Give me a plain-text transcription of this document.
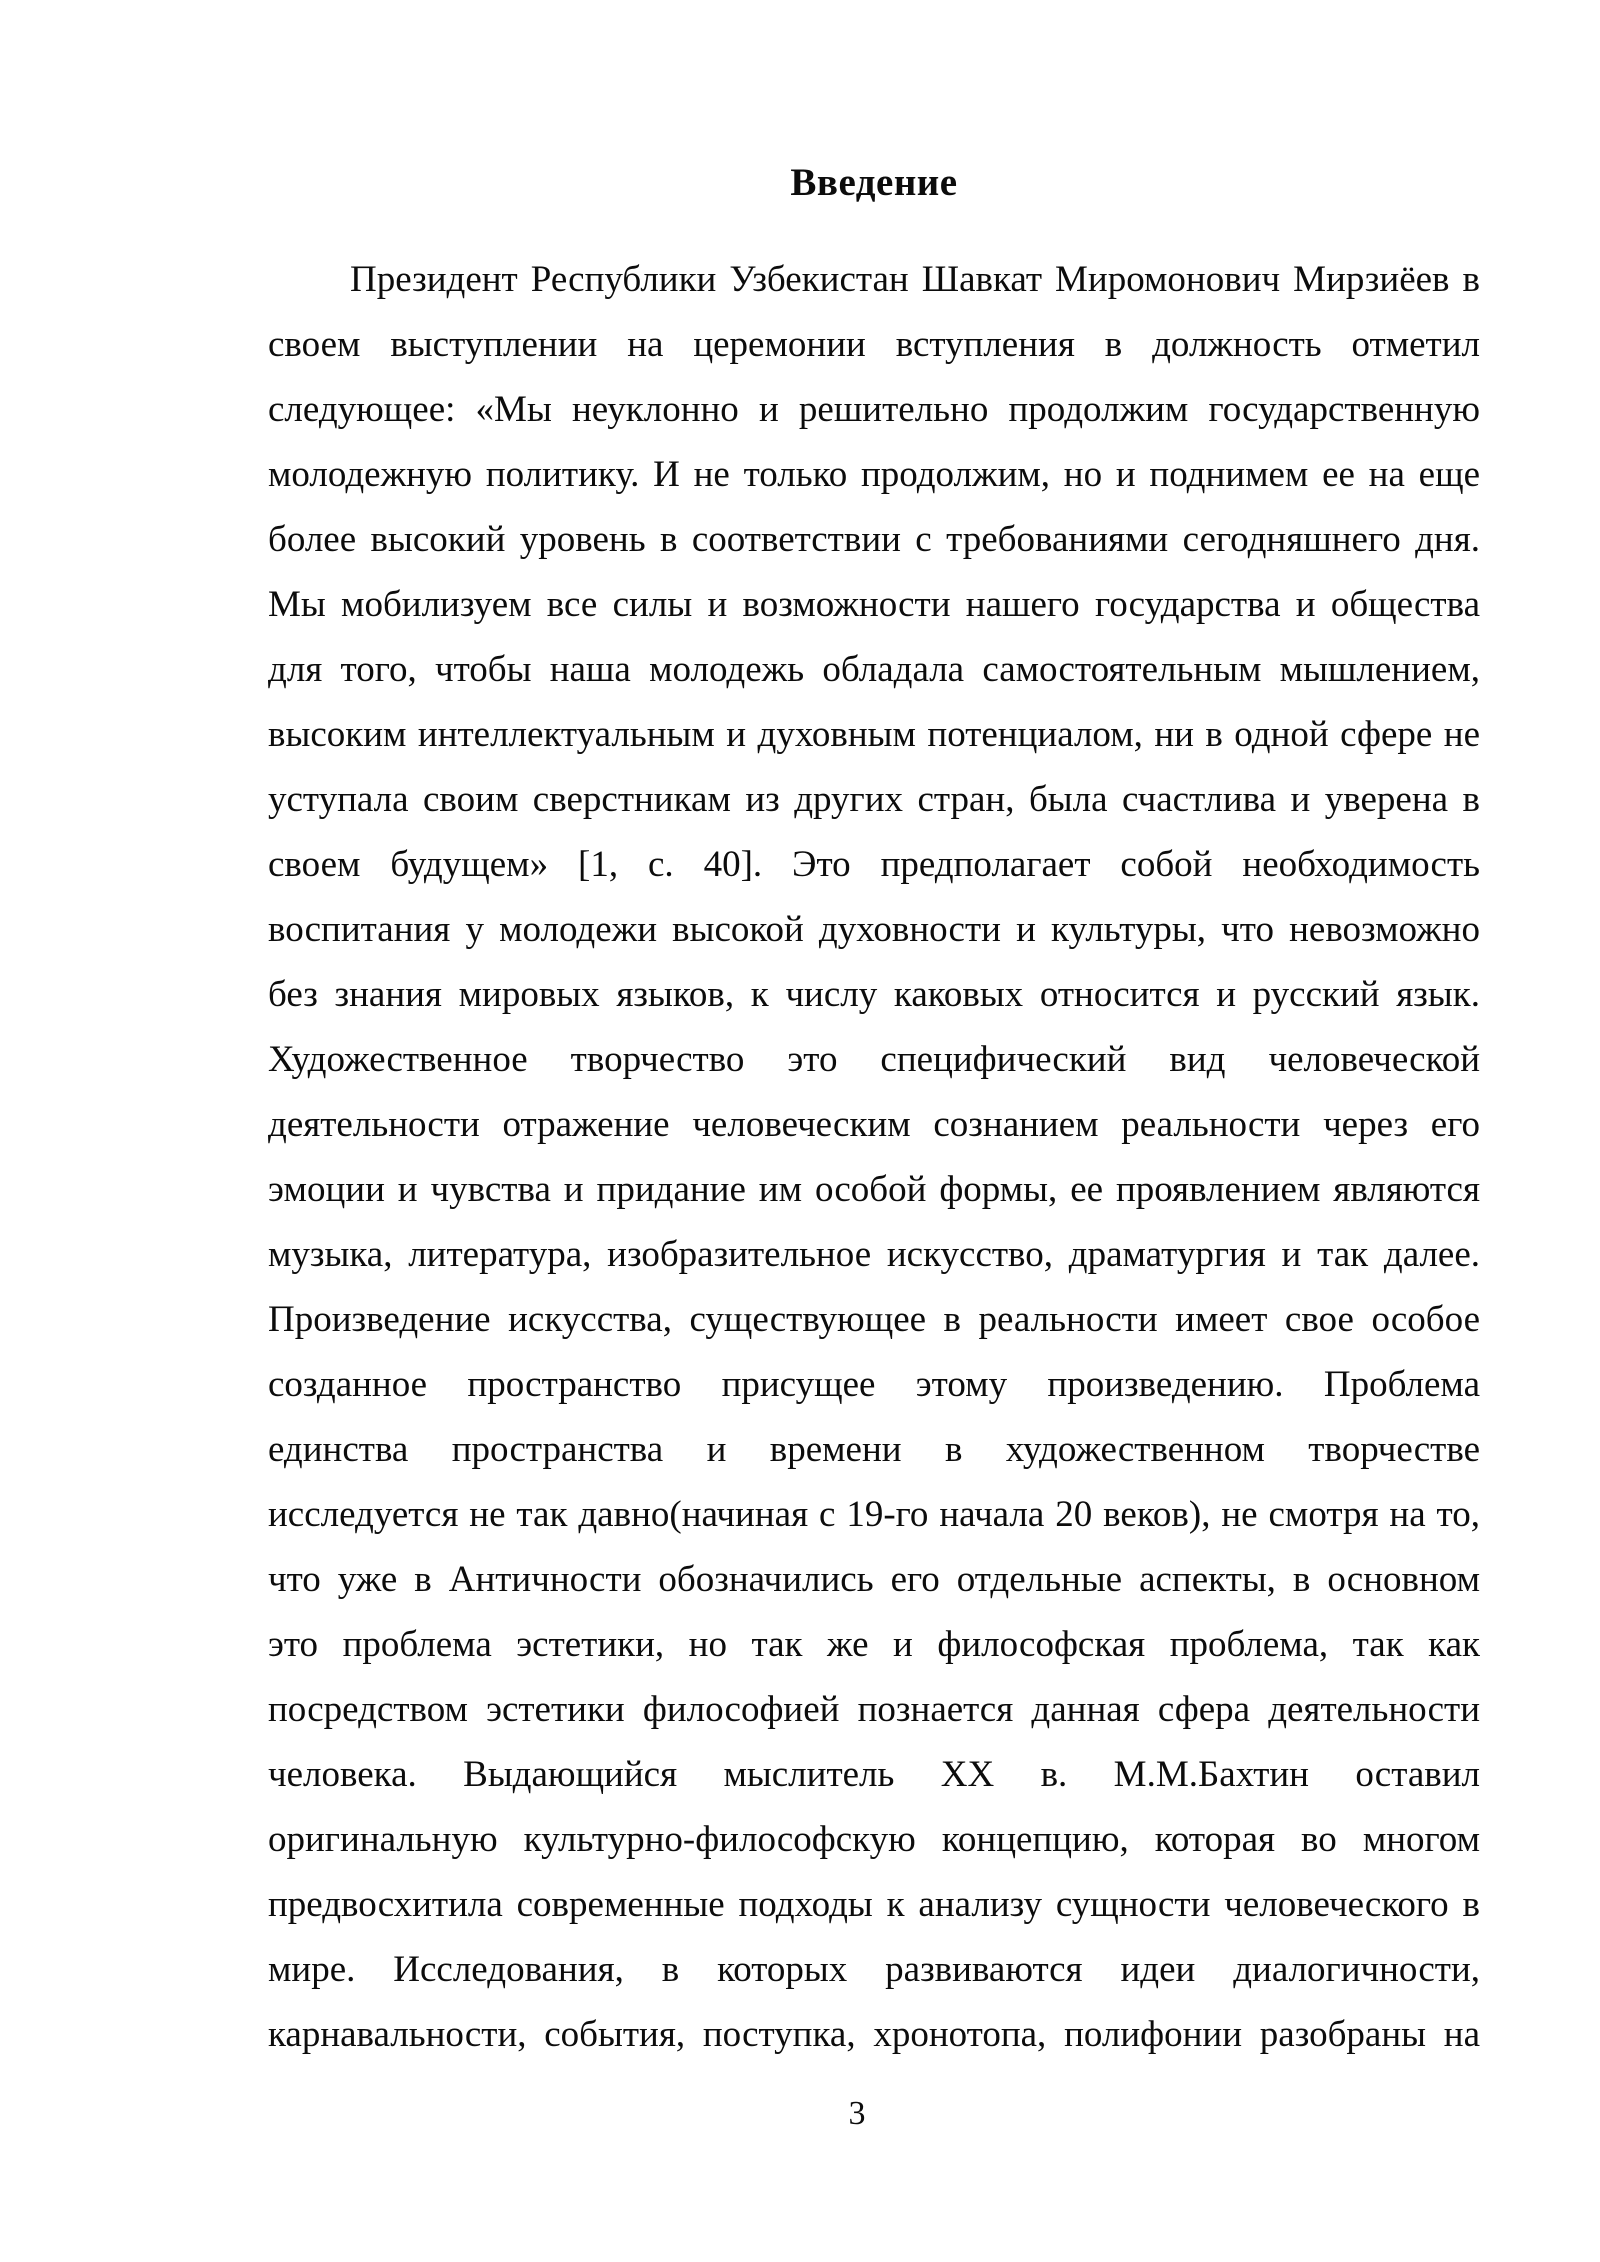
Введение
Президент Республики Узбекистан Шавкат Миромонович Мирзиёев в
своем выступлении на церемонии вступления в должность отметил
следующее: «Мы неуклонно и решительно продолжим государственную
молодежную политику. И не только продолжим, но и поднимем ее на еще
более высокий уровень в соответствии с требованиями сегодняшнего дня.
Мы мобилизуем все силы и возможности нашего государства и общества
для того, чтобы наша молодежь обладала самостоятельным мышлением,
высоким интеллектуальным и духовным потенциалом, ни в одной сфере не
уступала своим сверстникам из других стран, была счастлива и уверена в
своем будущем» [1, с. 40]. Это предполагает собой необходимость
воспитания у молодежи высокой духовности и культуры, что невозможно
без знания мировых языков, к числу каковых относится и русский язык.
Художественное творчество это специфический вид человеческой
деятельности отражение человеческим сознанием реальности через его
эмоции и чувства и придание им особой формы, ее проявлением являются
музыка, литература, изобразительное искусство, драматургия и так далее.
Произведение искусства, существующее в реальности имеет свое особое
созданное пространство присущее этому произведению. Проблема
единства пространства и времени в художественном творчестве
исследуется не так давно(начиная с 19-го начала 20 веков), не смотря на то,
что уже в Античности обозначились его отдельные аспекты, в основном
это проблема эстетики, но так же и философская проблема, так как
посредством эстетики философией познается данная сфера деятельности
человека. Выдающийся мыслитель XX в. М.М.Бахтин оставил
оригинальную культурно-философскую концепцию, которая во многом
предвосхитила современные подходы к анализу сущности человеческого в
мире. Исследования, в которых развиваются идеи диалогичности,
карнавальности, события, поступка, хронотопа, полифонии разобраны на
3
